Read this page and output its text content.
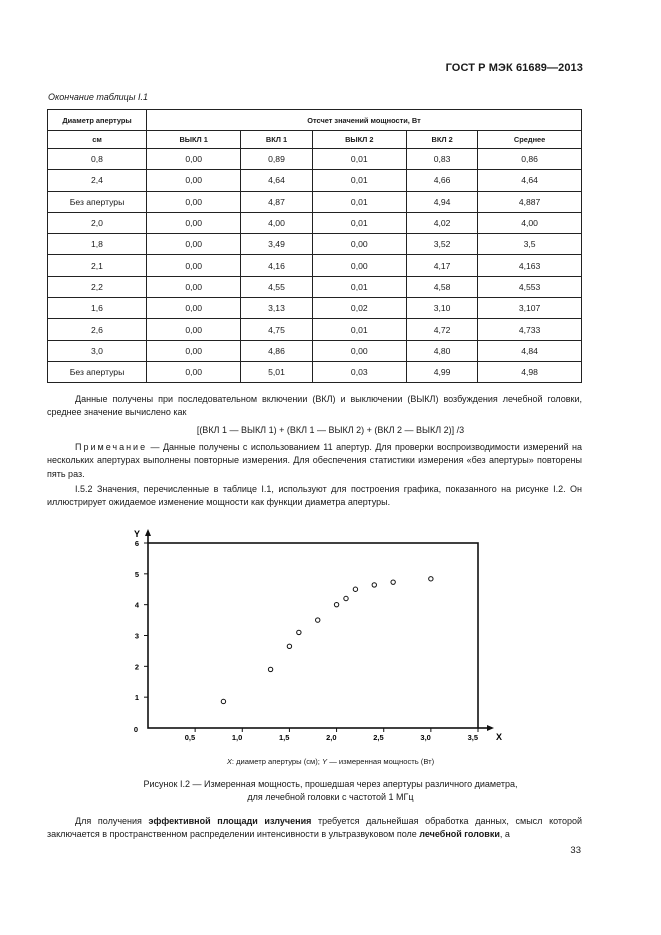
ГОСТ Р МЭК 61689—2013
Окончание таблицы I.1
Диаметр апертуры	Отсчет значений мощности, Вт				
см	ВЫКЛ 1	ВКЛ 1	ВЫКЛ 2	ВКЛ 2	Среднее
0,8	0,00	0,89	0,01	0,83	0,86
2,4	0,00	4,64	0,01	4,66	4,64
Без апертуры	0,00	4,87	0,01	4,94	4,887
2,0	0,00	4,00	0,01	4,02	4,00
1,8	0,00	3,49	0,00	3,52	3,5
2,1	0,00	4,16	0,00	4,17	4,163
2,2	0,00	4,55	0,01	4,58	4,553
1,6	0,00	3,13	0,02	3,10	3,107
2,6	0,00	4,75	0,01	4,72	4,733
3,0	0,00	4,86	0,00	4,80	4,84
Без апертуры	0,00	5,01	0,03	4,99	4,98
Данные получены при последовательном включении (ВКЛ) и выключении (ВЫКЛ) возбуждения лечебной головки, среднее значение вычислено как
[(ВКЛ 1 — ВЫКЛ 1) + (ВКЛ 1 — ВЫКЛ 2) + (ВКЛ 2 — ВЫКЛ 2)] /3
Примечание — Данные получены с использованием 11 апертур. Для проверки воспроизводимости измерений на нескольких апертурах выполнены повторные измерения. Для обеспечения статистики измерения «без апертуры» повторены пять раз.
I.5.2 Значения, перечисленные в таблице I.1, используют для построения графика, показанного на рисунке I.2. Он иллюстрирует ожидаемое изменение мощности как функции диаметра апертуры.
Y
X
0
1
2
3
4
5
6
0,5	1,0	1,5	2,0	2,5	3,0	3,5
X: диаметр апертуры (см); Y — измеренная мощность (Вт)
Рисунок I.2 — Измеренная мощность, прошедшая через апертуры различного диаметра,
для лечебной головки с частотой 1 МГц
Для получения эффективной площади излучения требуется дальнейшая обработка данных, смысл которой заключается в пространственном распределении интенсивности в ультразвуковом поле лечебной головки, а
33
